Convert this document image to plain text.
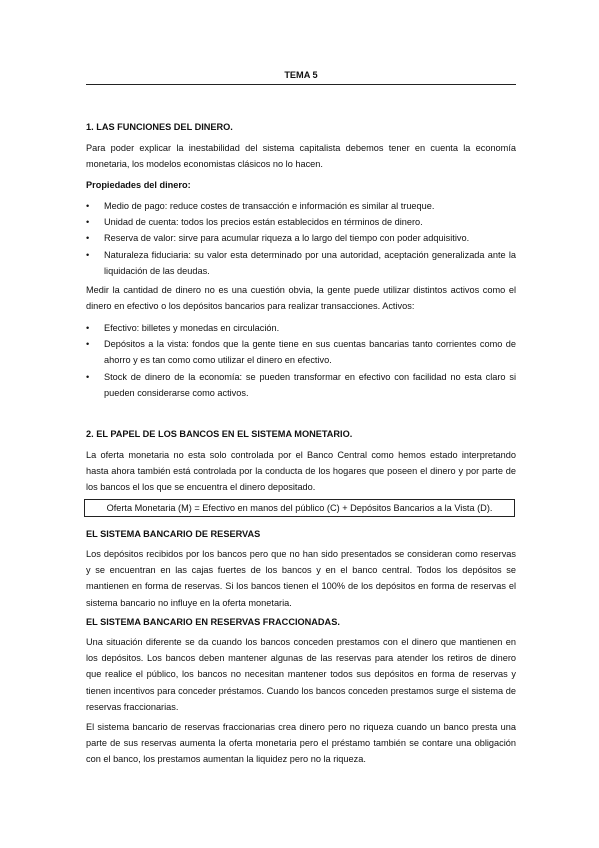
TEMA 5
1. LAS FUNCIONES DEL DINERO.

Para poder explicar la inestabilidad del sistema capitalista debemos tener en cuenta la economía monetaria, los modelos economistas clásicos no lo hacen.

Propiedades del dinero:
• Medio de pago: reduce costes de transacción e información es similar al trueque.
• Unidad de cuenta: todos los precios están establecidos en términos de dinero.
• Reserva de valor: sirve para acumular riqueza a lo largo del tiempo con poder adquisitivo.
• Naturaleza fiduciaria: su valor esta determinado por una autoridad, aceptación generalizada ante la liquidación de las deudas.

Medir la cantidad de dinero no es una cuestión obvia, la gente puede utilizar distintos activos como el dinero en efectivo o los depósitos bancarios para realizar transacciones. Activos:

• Efectivo: billetes y monedas en circulación.
• Depósitos a la vista: fondos que la gente tiene en sus cuentas bancarias tanto corrientes como de ahorro y es tan como como utilizar el dinero en efectivo.
• Stock de dinero de la economía: se pueden transformar en efectivo con facilidad no esta claro si pueden considerarse como activos.
2. EL PAPEL DE LOS BANCOS EN EL SISTEMA MONETARIO.

La oferta monetaria no esta solo controlada por el Banco Central como hemos estado interpretando hasta ahora también está controlada por la conducta de los hogares que poseen el dinero y por parte de los bancos el los que se encuentra el dinero depositado.

EL SISTEMA BANCARIO DE RESERVAS

Los depósitos recibidos por los bancos pero que no han sido presentados se consideran como reservas y se encuentran en las cajas fuertes de los bancos y en el banco central. Todos los depósitos se mantienen en forma de reservas. Si los bancos tienen el 100% de los depósitos en forma de reservas el sistema bancario no influye en la oferta monetaria.

EL SISTEMA BANCARIO EN RESERVAS FRACCIONADAS.

Una situación diferente se da cuando los bancos conceden prestamos con el dinero que mantienen en los depósitos. Los bancos deben mantener algunas de las reservas para atender los retiros de dinero que realice el público, los bancos no necesitan mantener todos sus depósitos en forma de reservas y tienen incentivos para conceder préstamos. Cuando los bancos conceden prestamos surge el sistema de reservas fraccionarias.

El sistema bancario de reservas fraccionarias crea dinero pero no riqueza cuando un banco presta una parte de sus reservas aumenta la oferta monetaria pero el préstamo también se contare una obligación con el banco, los prestamos aumentan la liquidez pero no la riqueza.

Oferta Monetaria (M) = Efectivo en manos del público (C) + Depósitos Bancarios a la Vista (D).
